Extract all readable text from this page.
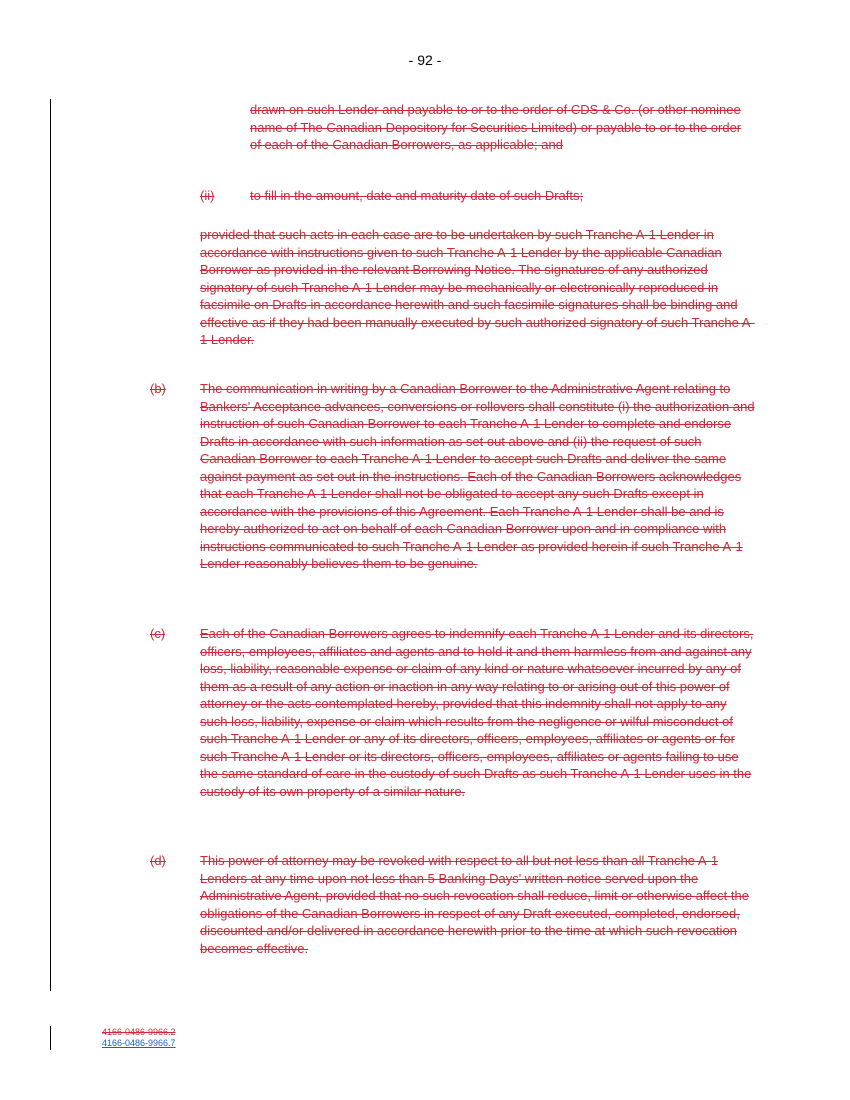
- 92 -

drawn on such Lender and payable to or to the order of CDS & Co. (or other nominee name of The Canadian Depository for Securities Limited) or payable to or to the order of each of the Canadian Borrowers, as applicable; and

(ii)	to fill in the amount, date and maturity date of such Drafts;

provided that such acts in each case are to be undertaken by such Tranche A-1 Lender in accordance with instructions given to such Tranche A-1 Lender by the applicable Canadian Borrower as provided in the relevant Borrowing Notice. The signatures of any authorized signatory of such Tranche A-1 Lender may be mechanically or electronically reproduced in facsimile on Drafts in accordance herewith and such facsimile signatures shall be binding and effective as if they had been manually executed by such authorized signatory of such Tranche A-1 Lender.

(b)	The communication in writing by a Canadian Borrower to the Administrative Agent relating to Bankers' Acceptance advances, conversions or rollovers shall constitute (i) the authorization and instruction of such Canadian Borrower to each Tranche A-1 Lender to complete and endorse Drafts in accordance with such information as set out above and (ii) the request of such Canadian Borrower to each Tranche A-1 Lender to accept such Drafts and deliver the same against payment as set out in the instructions. Each of the Canadian Borrowers acknowledges that each Tranche A-1 Lender shall not be obligated to accept any such Drafts except in accordance with the provisions of this Agreement. Each Tranche A-1 Lender shall be and is hereby authorized to act on behalf of each Canadian Borrower upon and in compliance with instructions communicated to such Tranche A-1 Lender as provided herein if such Tranche A-1 Lender reasonably believes them to be genuine.

(c)	Each of the Canadian Borrowers agrees to indemnify each Tranche A-1 Lender and its directors, officers, employees, affiliates and agents and to hold it and them harmless from and against any loss, liability, reasonable expense or claim of any kind or nature whatsoever incurred by any of them as a result of any action or inaction in any way relating to or arising out of this power of attorney or the acts contemplated hereby, provided that this indemnity shall not apply to any such loss, liability, expense or claim which results from the negligence or wilful misconduct of such Tranche A-1 Lender or any of its directors, officers, employees, affiliates or agents or for such Tranche A-1 Lender or its directors, officers, employees, affiliates or agents failing to use the same standard of care in the custody of such Drafts as such Tranche A-1 Lender uses in the custody of its own property of a similar nature.

(d)	This power of attorney may be revoked with respect to all but not less than all Tranche A-1 Lenders at any time upon not less than 5 Banking Days' written notice served upon the Administrative Agent, provided that no such revocation shall reduce, limit or otherwise affect the obligations of the Canadian Borrowers in respect of any Draft executed, completed, endorsed, discounted and/or delivered in accordance herewith prior to the time at which such revocation becomes effective.

4166-0486-9966.2
4166-0486-9966.7
